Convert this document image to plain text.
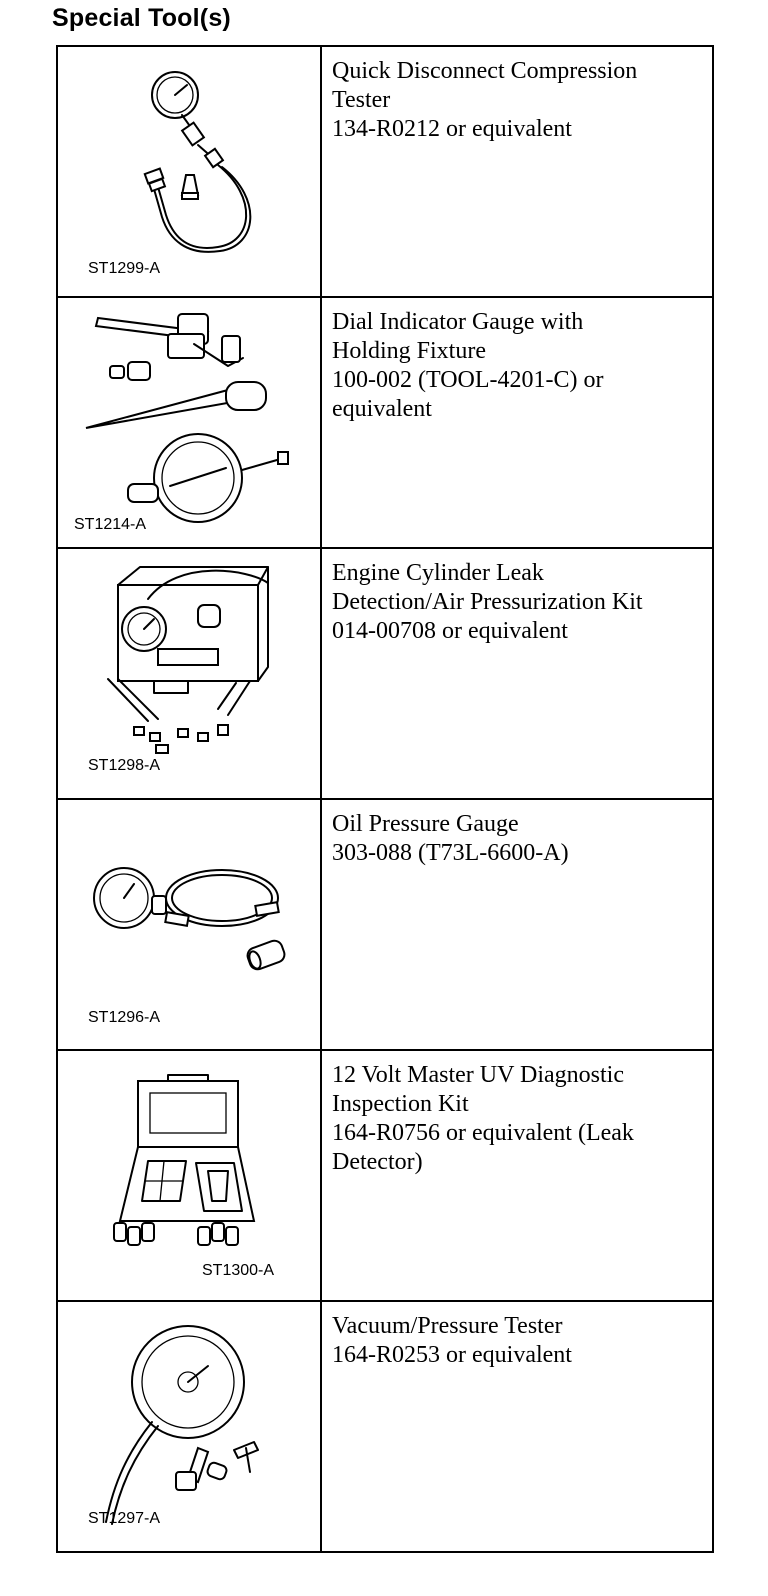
Special Tool(s)
ST1299-A	Quick Disconnect Compression
Tester
134-R0212 or equivalent

ST1214-A	Dial Indicator Gauge with
Holding Fixture
100-002 (TOOL-4201-C) or
equivalent

ST1298-A	Engine Cylinder Leak
Detection/Air Pressurization Kit
014-00708 or equivalent

ST1296-A	Oil Pressure Gauge
303-088 (T73L-6600-A)

ST1300-A	12 Volt Master UV Diagnostic
Inspection Kit
164-R0756 or equivalent (Leak
Detector)

ST1297-A	Vacuum/Pressure Tester
164-R0253 or equivalent
